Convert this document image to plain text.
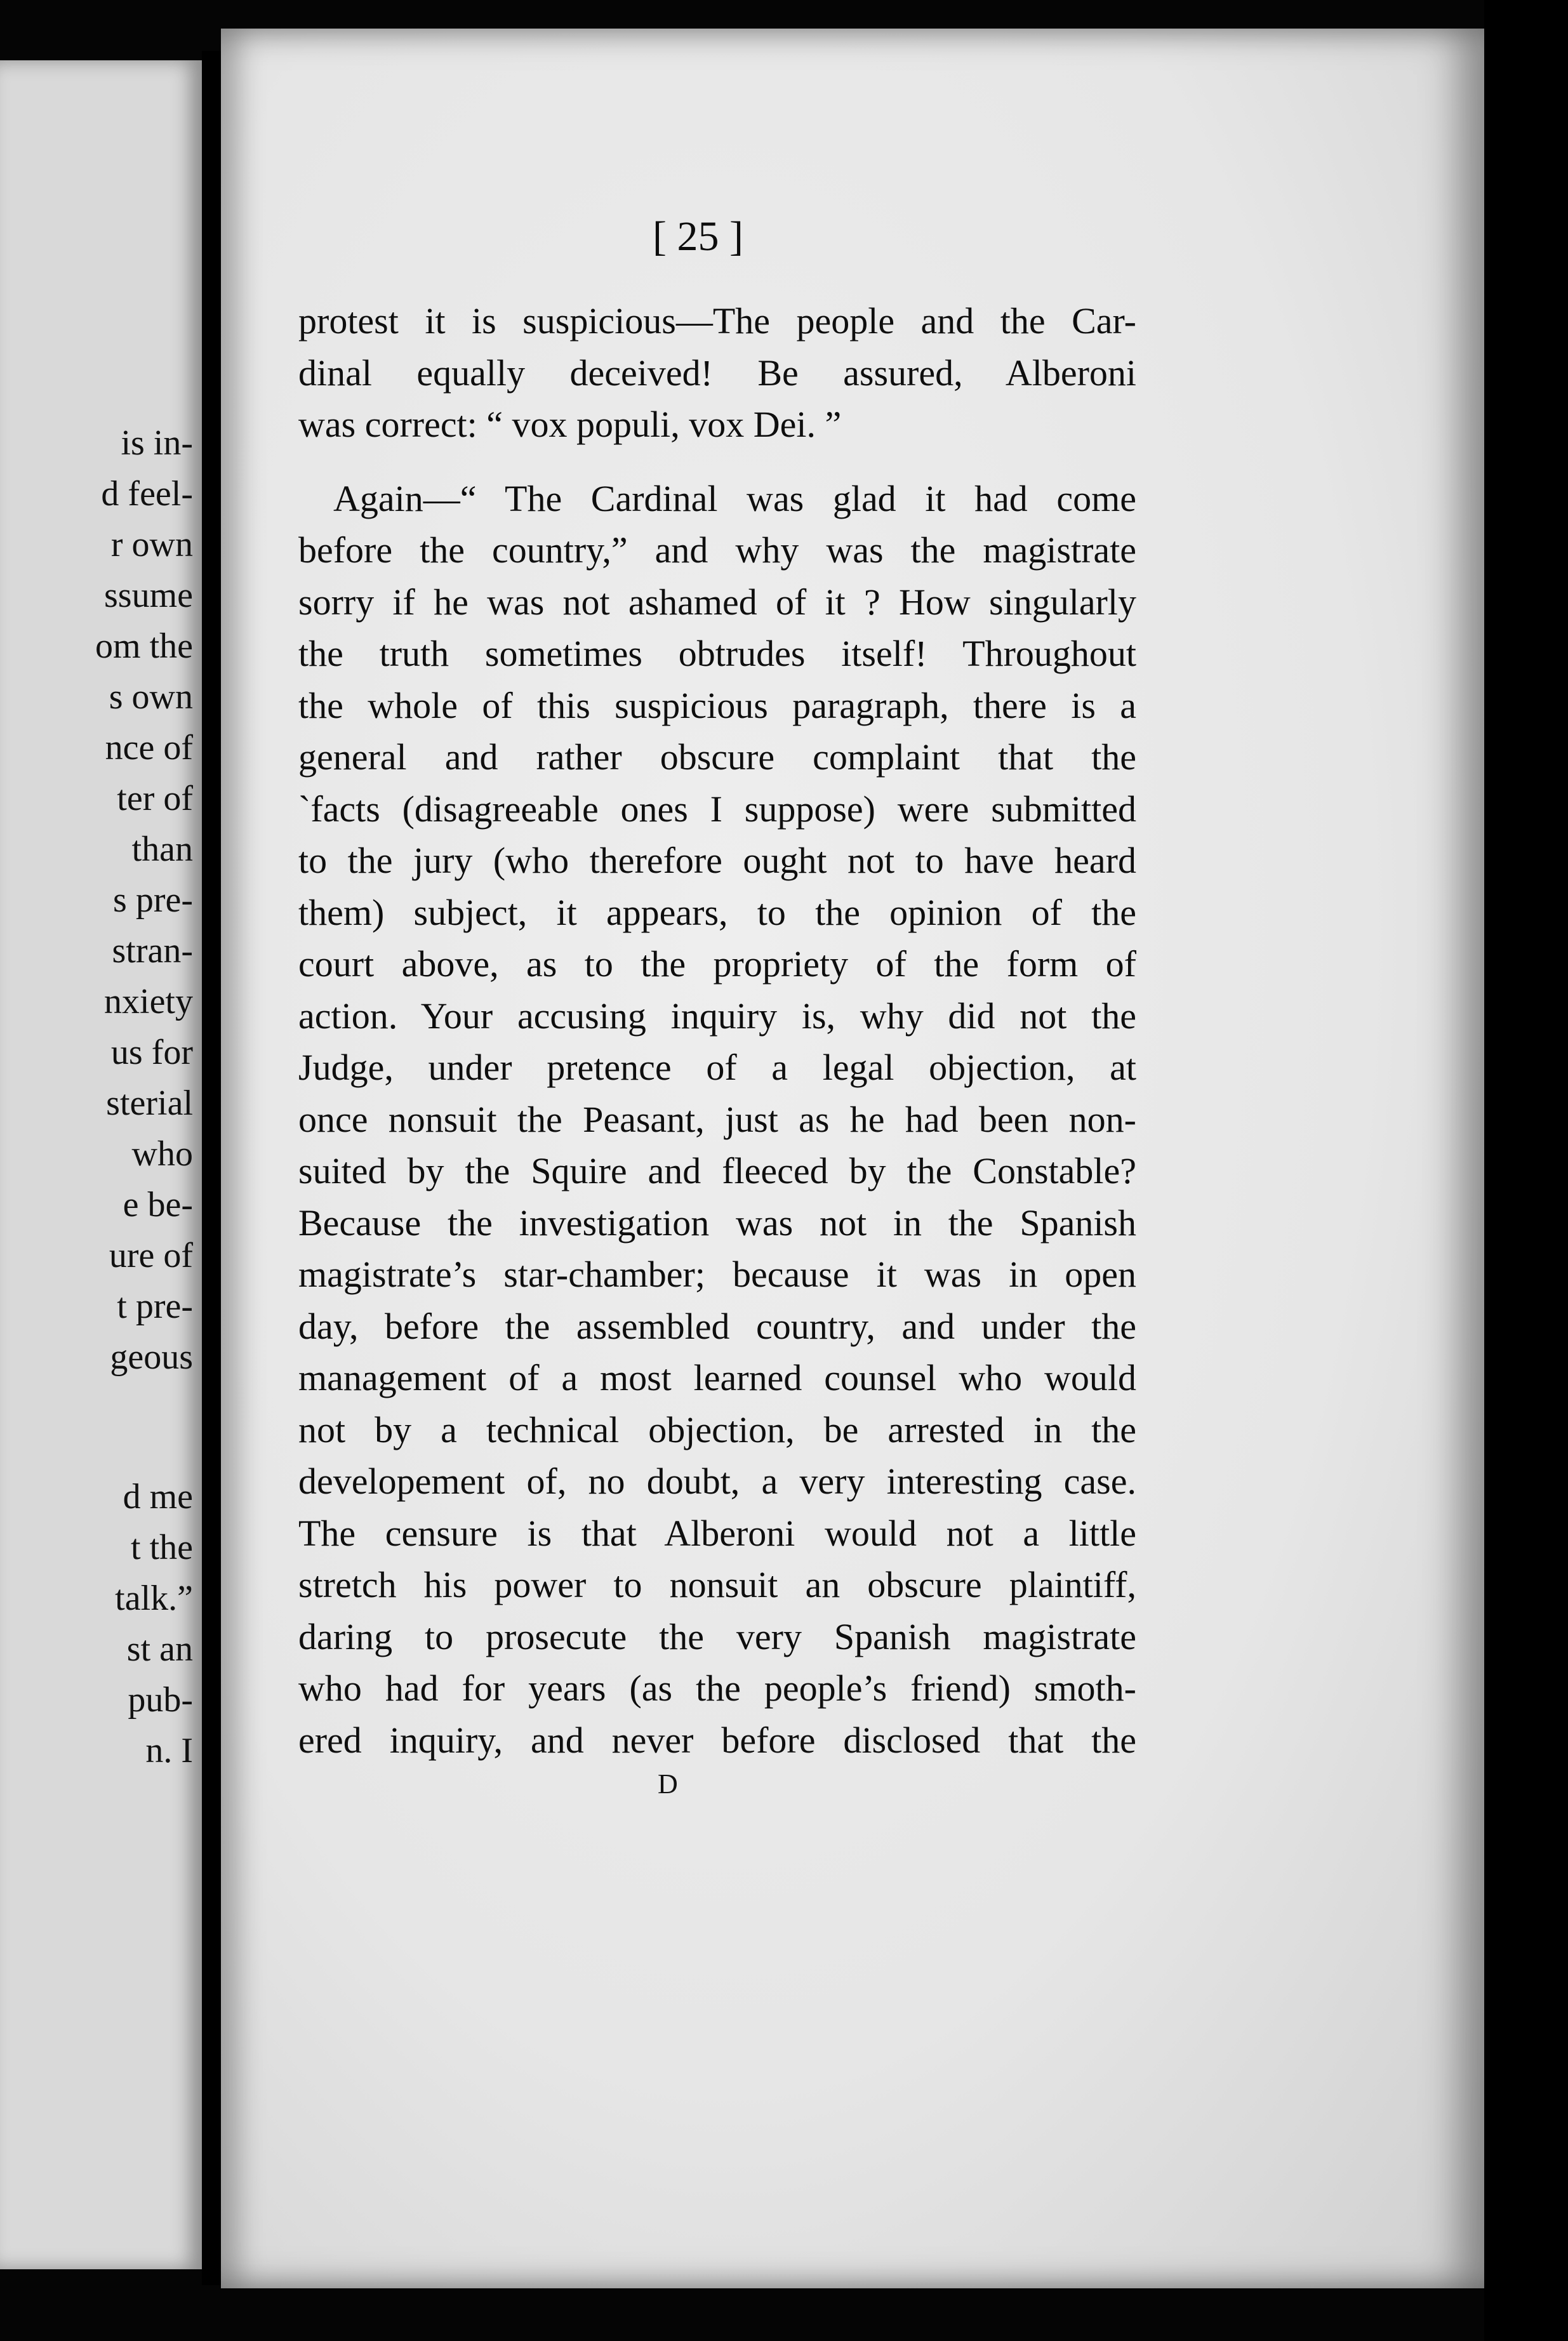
is in-
d feel-
r own
ssume
om the
s own
nce of
ter of
than
s pre-
stran-
nxiety
us for
sterial
who
e be-
ure of
t pre-
geous
d me
t the
talk.”
st an
pub-
n. I
[ 25 ]
protest it is suspicious—The people and the Car-
dinal equally deceived! Be assured, Alberoni
was correct: “ vox populi, vox Dei. ”
Again—“ The Cardinal was glad it had come
before the country,” and why was the magistrate
sorry if he was not ashamed of it ? How singularly
the truth sometimes obtrudes itself! Throughout
the whole of this suspicious paragraph, there is a
general and rather obscure complaint that the
`facts (disagreeable ones I suppose) were submitted
to the jury (who therefore ought not to have heard
them) subject, it appears, to the opinion of the
court above, as to the propriety of the form of
action. Your accusing inquiry is, why did not the
Judge, under pretence of a legal objection, at
once nonsuit the Peasant, just as he had been non-
suited by the Squire and fleeced by the Constable?
Because the investigation was not in the Spanish
magistrate’s star-chamber; because it was in open
day, before the assembled country, and under the
management of a most learned counsel who would
not by a technical objection, be arrested in the
developement of, no doubt, a very interesting case.
The censure is that Alberoni would not a little
stretch his power to nonsuit an obscure plaintiff,
daring to prosecute the very Spanish magistrate
who had for years (as the people’s friend) smoth-
ered inquiry, and never before disclosed that the
D
